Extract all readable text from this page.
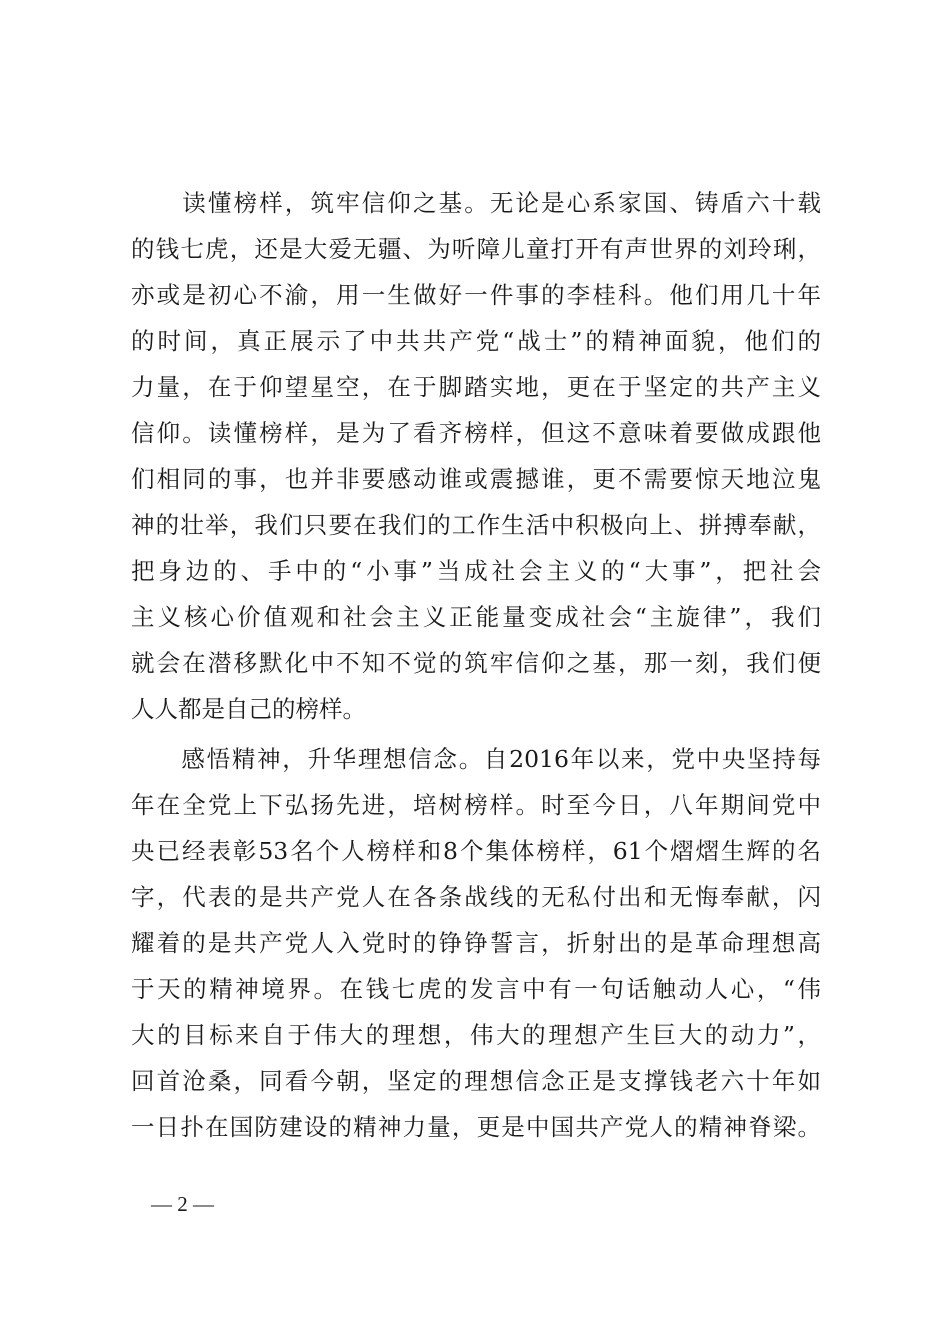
　　读懂榜样，筑牢信仰之基。无论是心系家国、铸盾六十载
的钱七虎，还是大爱无疆、为听障儿童打开有声世界的刘玲琍，
亦或是初心不渝，用一生做好一件事的李桂科。他们用几十年
的时间，真正展示了中共共产党“战士”的精神面貌，他们的
力量，在于仰望星空，在于脚踏实地，更在于坚定的共产主义
信仰。读懂榜样，是为了看齐榜样，但这不意味着要做成跟他
们相同的事，也并非要感动谁或震撼谁，更不需要惊天地泣鬼
神的壮举，我们只要在我们的工作生活中积极向上、拼搏奉献，
把身边的、手中的“小事”当成社会主义的“大事”，把社会
主义核心价值观和社会主义正能量变成社会“主旋律”，我们
就会在潜移默化中不知不觉的筑牢信仰之基，那一刻，我们便
人人都是自己的榜样。
　　感悟精神，升华理想信念。自2016年以来，党中央坚持每
年在全党上下弘扬先进，培树榜样。时至今日，八年期间党中
央已经表彰53名个人榜样和8个集体榜样，61个熠熠生辉的名
字，代表的是共产党人在各条战线的无私付出和无悔奉献，闪
耀着的是共产党人入党时的铮铮誓言，折射出的是革命理想高
于天的精神境界。在钱七虎的发言中有一句话触动人心，“伟
大的目标来自于伟大的理想，伟大的理想产生巨大的动力”，
回首沧桑，同看今朝，坚定的理想信念正是支撑钱老六十年如
一日扑在国防建设的精神力量，更是中国共产党人的精神脊梁。
— 2 —
